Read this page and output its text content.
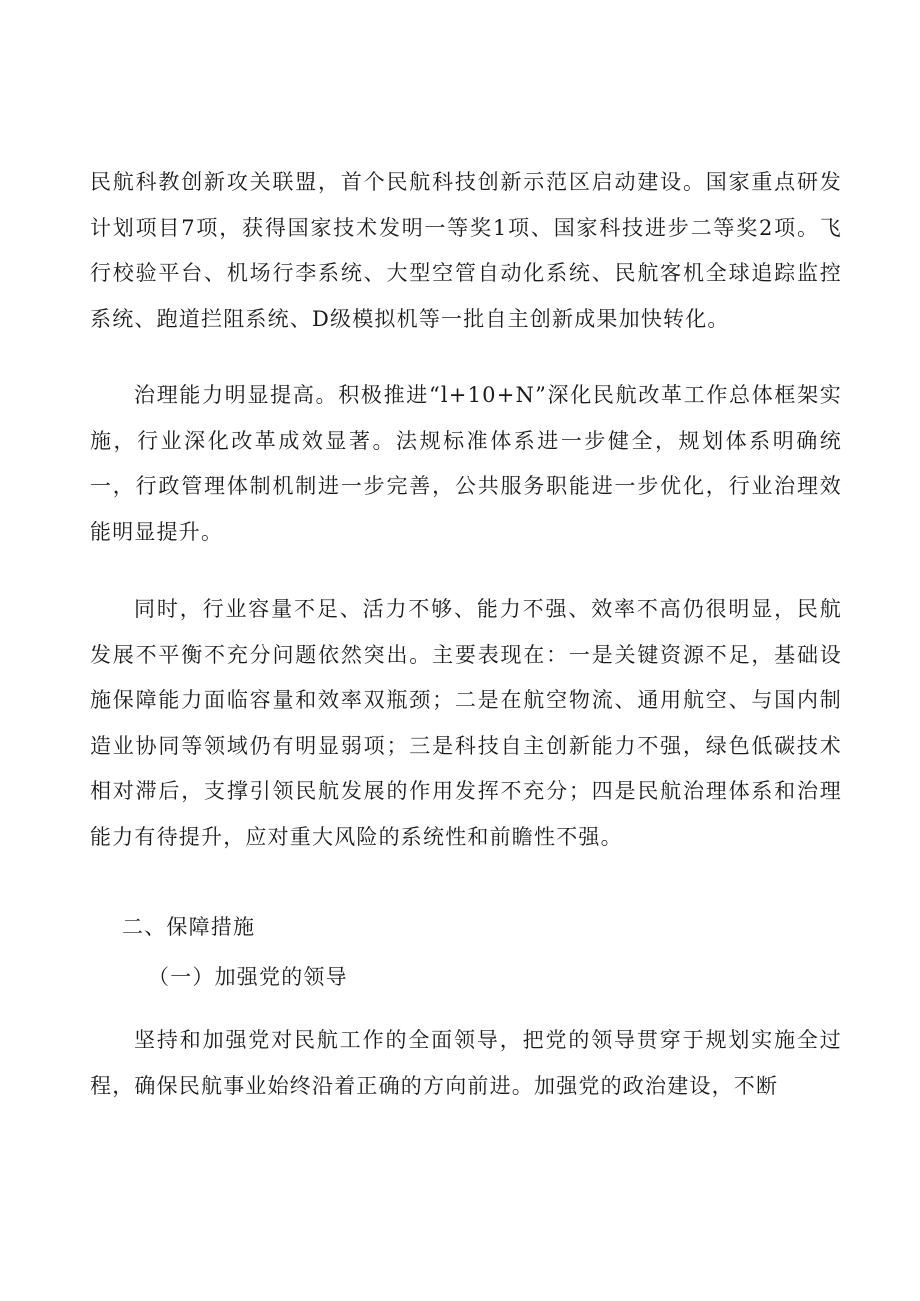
民航科教创新攻关联盟，首个民航科技创新示范区启动建设。国家重点研发计划项目7项，获得国家技术发明一等奖1项、国家科技进步二等奖2项。飞行校验平台、机场行李系统、大型空管自动化系统、民航客机全球追踪监控系统、跑道拦阻系统、D级模拟机等一批自主创新成果加快转化。

治理能力明显提高。积极推进“l+10+N”深化民航改革工作总体框架实施，行业深化改革成效显著。法规标准体系进一步健全，规划体系明确统一，行政管理体制机制进一步完善，公共服务职能进一步优化，行业治理效能明显提升。

同时，行业容量不足、活力不够、能力不强、效率不高仍很明显，民航发展不平衡不充分问题依然突出。主要表现在：一是关键资源不足，基础设施保障能力面临容量和效率双瓶颈；二是在航空物流、通用航空、与国内制造业协同等领域仍有明显弱项；三是科技自主创新能力不强，绿色低碳技术相对滞后，支撑引领民航发展的作用发挥不充分；四是民航治理体系和治理能力有待提升，应对重大风险的系统性和前瞻性不强。

二、保障措施
（一）加强党的领导

坚持和加强党对民航工作的全面领导，把党的领导贯穿于规划实施全过程，确保民航事业始终沿着正确的方向前进。加强党的政治建设，不断
